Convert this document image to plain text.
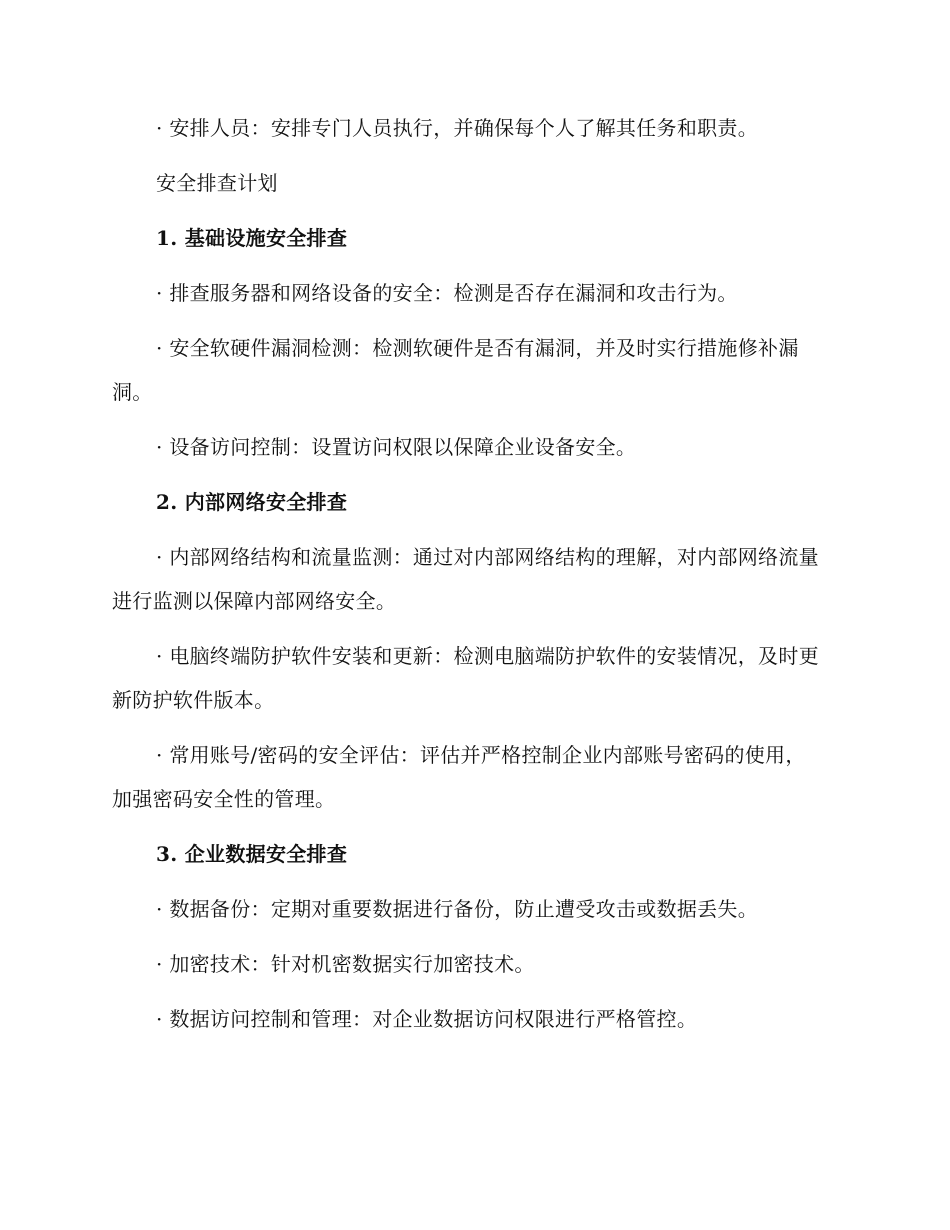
· 安排人员：安排专门人员执行，并确保每个人了解其任务和职责。

安全排查计划

1. 基础设施安全排查

· 排查服务器和网络设备的安全：检测是否存在漏洞和攻击行为。

· 安全软硬件漏洞检测：检测软硬件是否有漏洞，并及时实行措施修补漏洞。

· 设备访问控制：设置访问权限以保障企业设备安全。

2. 内部网络安全排查

· 内部网络结构和流量监测：通过对内部网络结构的理解，对内部网络流量进行监测以保障内部网络安全。

· 电脑终端防护软件安装和更新：检测电脑端防护软件的安装情况，及时更新防护软件版本。

· 常用账号/密码的安全评估：评估并严格控制企业内部账号密码的使用，加强密码安全性的管理。

3. 企业数据安全排查

· 数据备份：定期对重要数据进行备份，防止遭受攻击或数据丢失。

· 加密技术：针对机密数据实行加密技术。

· 数据访问控制和管理：对企业数据访问权限进行严格管控。
